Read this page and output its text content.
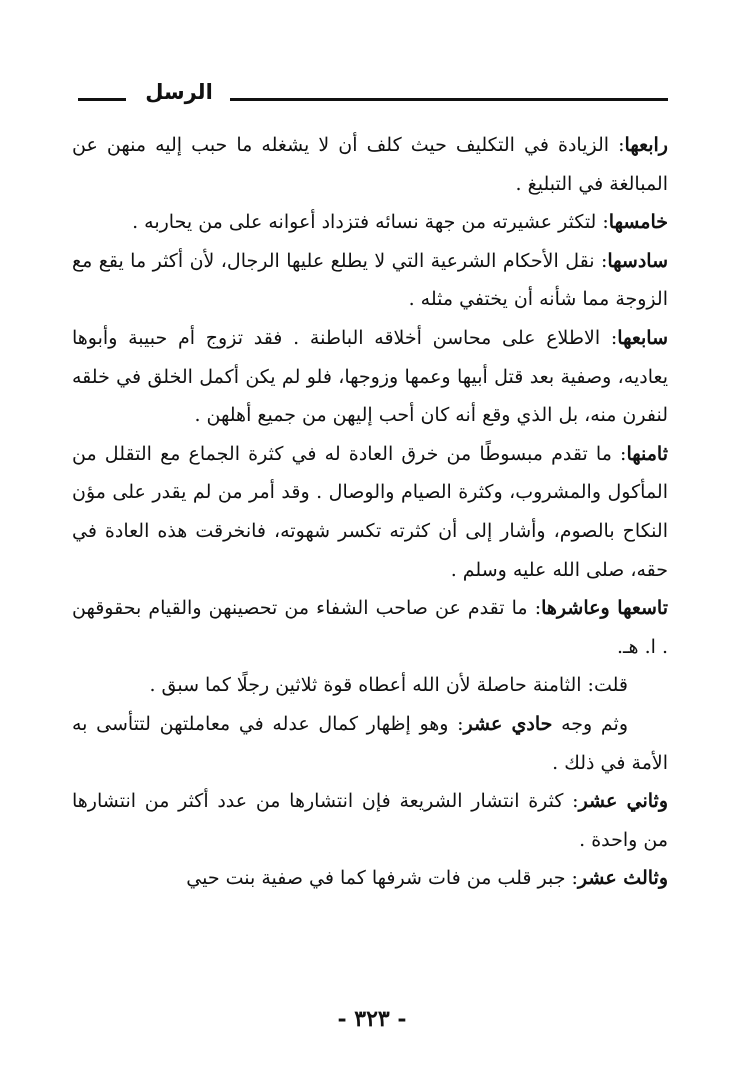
الرسل

رابعها: الزيادة في التكليف حيث كلف أن لا يشغله ما حبب إليه منهن عن المبالغة في التبليغ .

خامسها: لتكثر عشيرته من جهة نسائه فتزداد أعوانه على من يحاربه .

سادسها: نقل الأحكام الشرعية التي لا يطلع عليها الرجال، لأن أكثر ما يقع مع الزوجة مما شأنه أن يختفي مثله .

سابعها: الاطلاع على محاسن أخلاقه الباطنة . فقد تزوج أم حبيبة وأبوها يعاديه، وصفية بعد قتل أبيها وعمها وزوجها، فلو لم يكن أكمل الخلق في خلقه لنفرن منه، بل الذي وقع أنه كان أحب إليهن من جميع أهلهن .

ثامنها: ما تقدم مبسوطًا من خرق العادة له في كثرة الجماع مع التقلل من المأكول والمشروب، وكثرة الصيام والوصال . وقد أمر من لم يقدر على مؤن النكاح بالصوم، وأشار إلى أن كثرته تكسر شهوته، فانخرقت هذه العادة في حقه، صلى الله عليه وسلم .

تاسعها وعاشرها: ما تقدم عن صاحب الشفاء من تحصينهن والقيام بحقوقهن . ا. هـ.

قلت: الثامنة حاصلة لأن الله أعطاه قوة ثلاثين رجلًا كما سبق .

وثم وجه حادي عشر: وهو إظهار كمال عدله في معاملتهن لتتأسى به الأمة في ذلك .

وثاني عشر: كثرة انتشار الشريعة فإن انتشارها من عدد أكثر من انتشارها من واحدة .

وثالث عشر: جبر قلب من فات شرفها كما في صفية بنت حيي

- ٣٢٣ -
